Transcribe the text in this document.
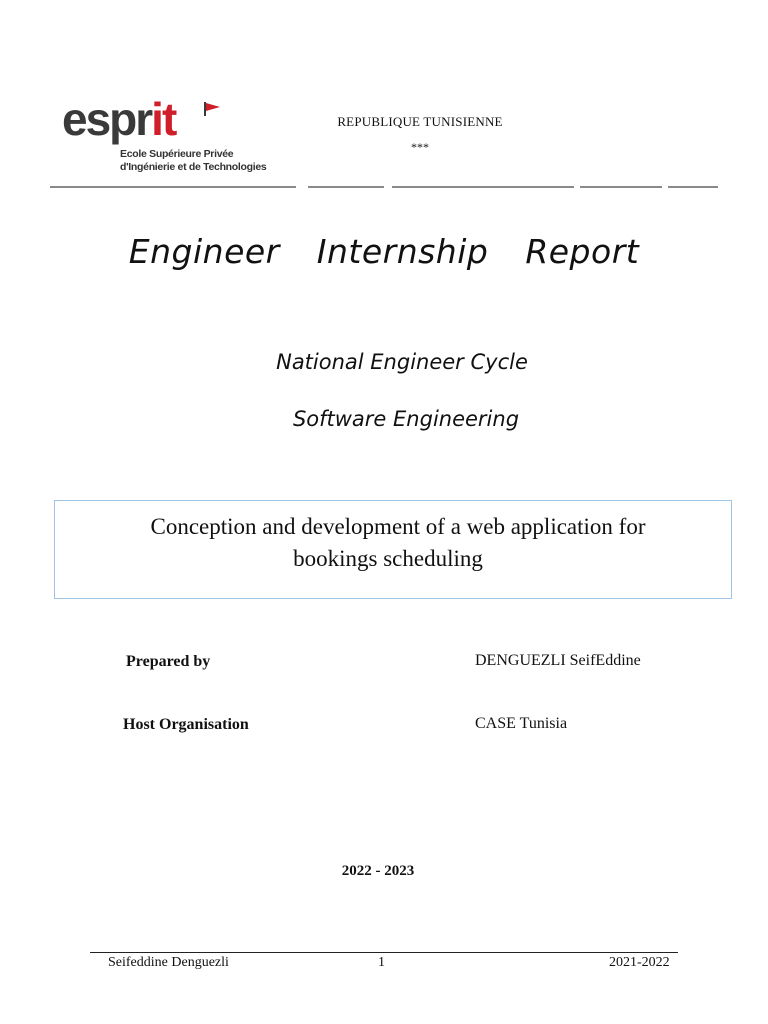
esprit
Ecole Supérieure Privée
d'Ingénierie et de Technologies
REPUBLIQUE TUNISIENNE
***
Engineer Internship Report
National Engineer Cycle
Software Engineering
Conception and development of a web application for
bookings scheduling
Prepared by	DENGUEZLI SeifEddine
Host Organisation	CASE Tunisia
2022 - 2023
Seifeddine Denguezli	1	2021-2022
